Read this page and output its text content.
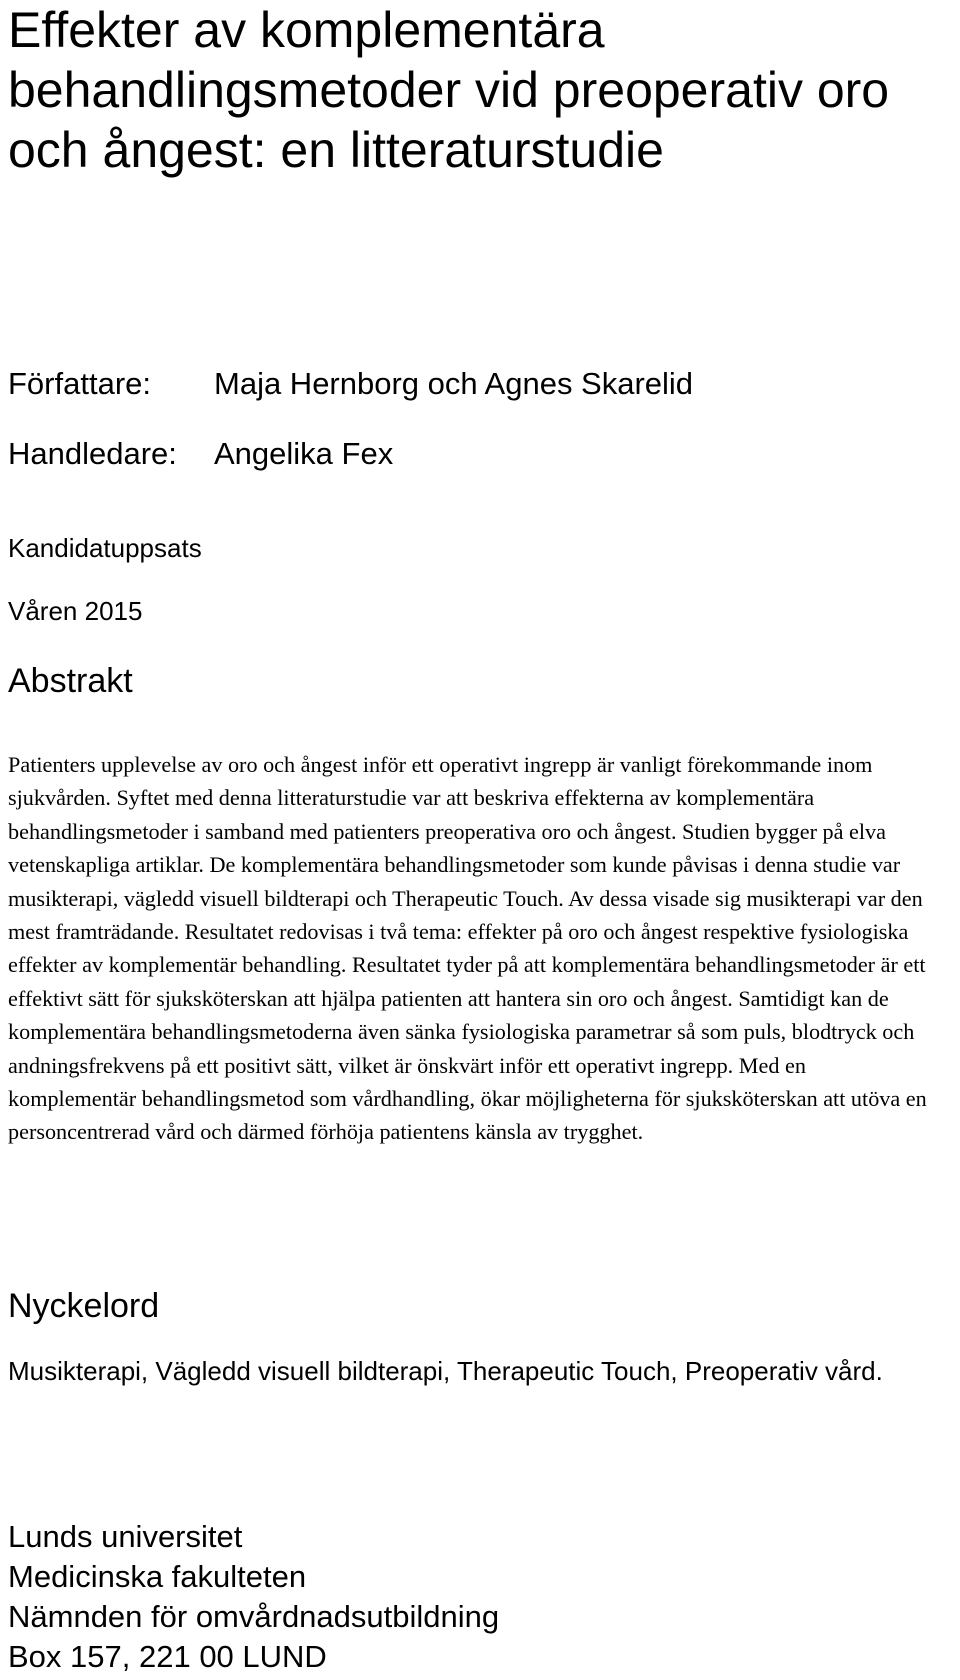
Effekter av komplementära behandlingsmetoder vid preoperativ oro och ångest: en litteraturstudie
Författare: Maja Hernborg och Agnes Skarelid
Handledare: Angelika Fex
Kandidatuppsats
Våren 2015
Abstrakt

Patienters upplevelse av oro och ångest inför ett operativt ingrepp är vanligt förekommande inom sjukvården. Syftet med denna litteraturstudie var att beskriva effekterna av komplementära behandlingsmetoder i samband med patienters preoperativa oro och ångest. Studien bygger på elva vetenskapliga artiklar. De komplementära behandlingsmetoder som kunde påvisas i denna studie var musikterapi, vägledd visuell bildterapi och Therapeutic Touch. Av dessa visade sig musikterapi var den mest framträdande. Resultatet redovisas i två tema: effekter på oro och ångest respektive fysiologiska effekter av komplementär behandling. Resultatet tyder på att komplementära behandlingsmetoder är ett effektivt sätt för sjuksköterskan att hjälpa patienten att hantera sin oro och ångest. Samtidigt kan de komplementära behandlingsmetoderna även sänka fysiologiska parametrar så som puls, blodtryck och andningsfrekvens på ett positivt sätt, vilket är önskvärt inför ett operativt ingrepp. Med en komplementär behandlingsmetod som vårdhandling, ökar möjligheterna för sjuksköterskan att utöva en personcentrerad vård och därmed förhöja patientens känsla av trygghet.

Nyckelord

Musikterapi, Vägledd visuell bildterapi, Therapeutic Touch, Preoperativ vård.

Lunds universitet
Medicinska fakulteten
Nämnden för omvårdnadsutbildning
Box 157, 221 00 LUND
